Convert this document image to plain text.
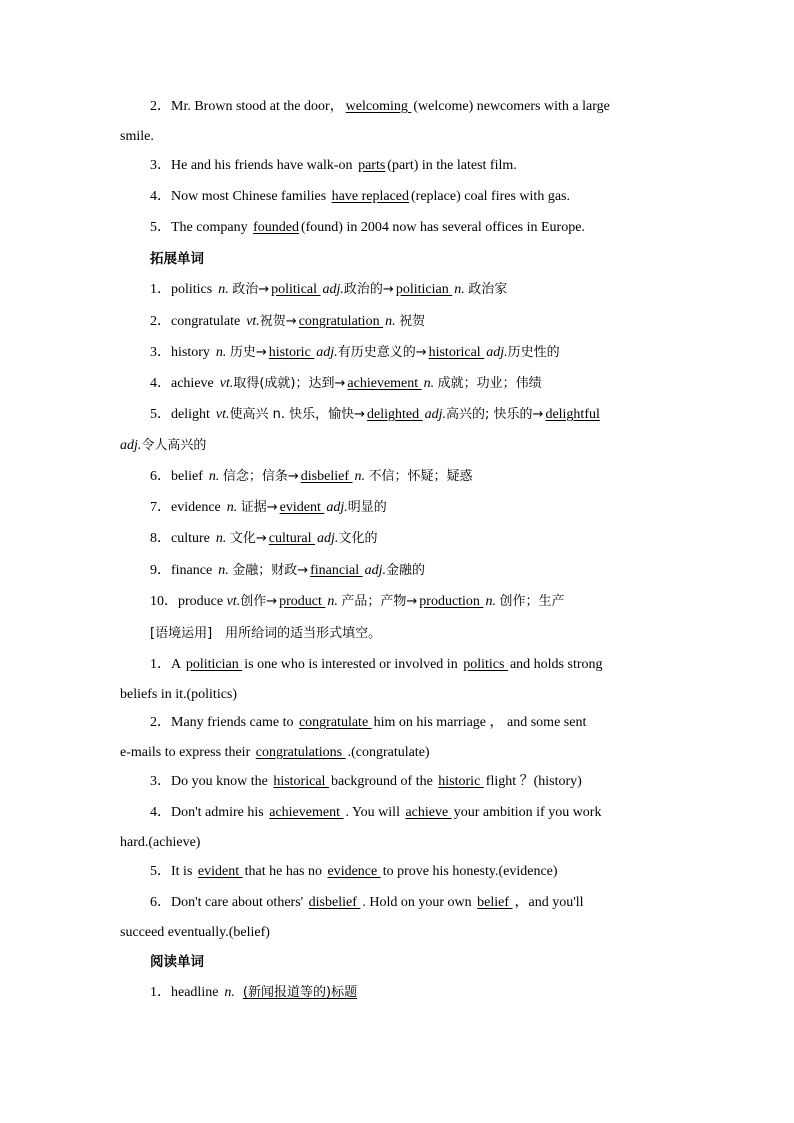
2．Mr. Brown stood at the door， welcoming (welcome) newcomers with a large
smile.
3．He and his friends have walk-on parts (part) in the latest film.
4．Now most Chinese families have replaced (replace) coal fires with gas.
5．The company founded (found) in 2004 now has several offices in Europe.
拓展单词
1．politics n. 政治→ political adj.政治的→ politician n. 政治家
2．congratulate vt.祝贺→ congratulation n. 祝贺
3．history n. 历史→ historic adj.有历史意义的→ historical adj.历史性的
4．achieve vt.取得(成就)；达到→ achievement n. 成就；功业；伟绩
5．delight vt.使高兴 n. 快乐，愉快→ delighted adj.高兴的; 快乐的→ delightful
adj.令人高兴的
6．belief n. 信念；信条→ disbelief n. 不信；怀疑；疑惑
7．evidence n. 证据→ evident adj.明显的
8．culture n. 文化→ cultural adj.文化的
9．finance n. 金融；财政→ financial adj.金融的
10．produce vt.创作→ product n. 产品；产物→ production n. 创作；生产
[语境运用]　用所给词的适当形式填空。
1．A politician is one who is interested or involved in politics and holds strong
beliefs in it.(politics)
2．Many friends came to congratulate him on his marriage ， and some sent
e-mails to express their congratulations .(congratulate)
3．Do you know the historical background of the historic flight ？(history)
4．Don't admire his achievement . You will achieve your ambition if you work
hard.(achieve)
5．It is evident that he has no evidence to prove his honesty.(evidence)
6．Don't care about others' disbelief . Hold on your own belief ，and you'll
succeed eventually.(belief)
阅读单词
1．headline n. (新闻报道等的)标题
